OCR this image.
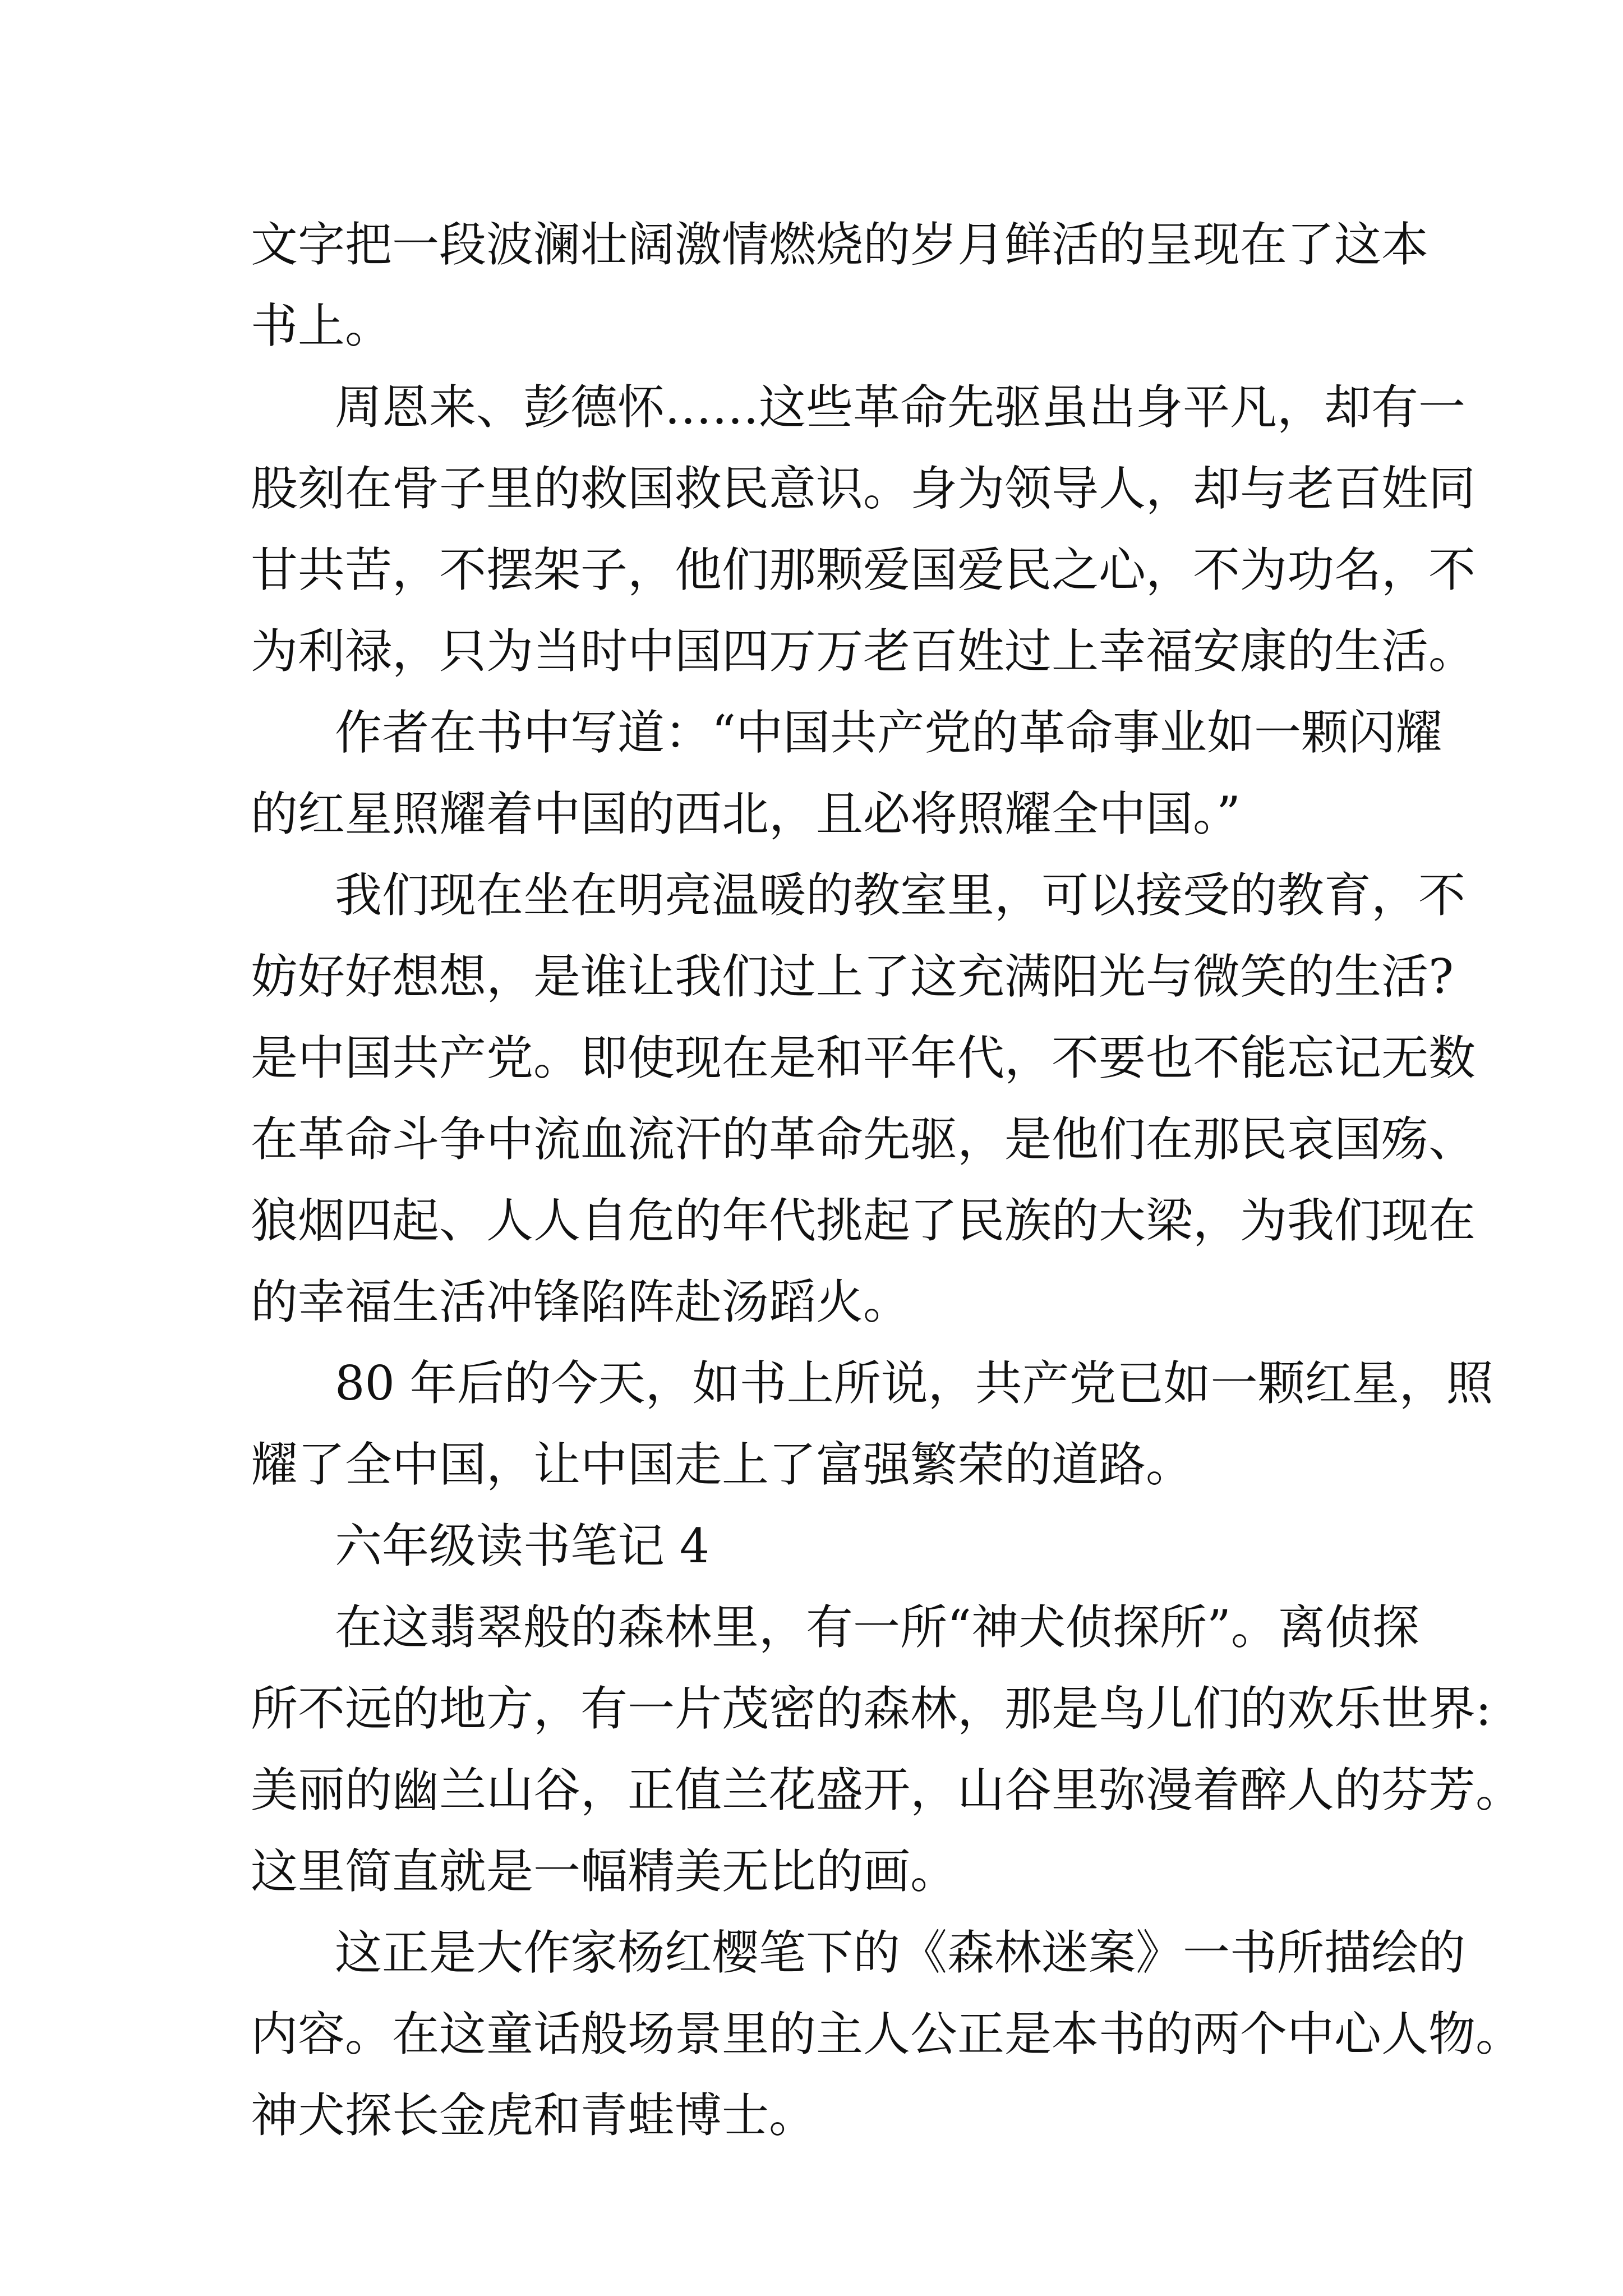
文字把一段波澜壮阔激情燃烧的岁月鲜活的呈现在了这本
书上。
周恩来、彭德怀……这些革命先驱虽出身平凡，却有一
股刻在骨子里的救国救民意识。身为领导人，却与老百姓同
甘共苦，不摆架子，他们那颗爱国爱民之心，不为功名，不
为利禄，只为当时中国四万万老百姓过上幸福安康的生活。
作者在书中写道：“中国共产党的革命事业如一颗闪耀
的红星照耀着中国的西北，且必将照耀全中国。”
我们现在坐在明亮温暖的教室里，可以接受的教育，不
妨好好想想，是谁让我们过上了这充满阳光与微笑的生活?
是中国共产党。即使现在是和平年代，不要也不能忘记无数
在革命斗争中流血流汗的革命先驱，是他们在那民哀国殇、
狼烟四起、人人自危的年代挑起了民族的大梁，为我们现在
的幸福生活冲锋陷阵赴汤蹈火。
80 年后的今天，如书上所说，共产党已如一颗红星，照
耀了全中国，让中国走上了富强繁荣的道路。
六年级读书笔记 4
在这翡翠般的森林里，有一所“神犬侦探所”。离侦探
所不远的地方，有一片茂密的森林，那是鸟儿们的欢乐世界:
美丽的幽兰山谷，正值兰花盛开，山谷里弥漫着醉人的芬芳。
这里简直就是一幅精美无比的画。
这正是大作家杨红樱笔下的《森林迷案》一书所描绘的
内容。在这童话般场景里的主人公正是本书的两个中心人物。
神犬探长金虎和青蛙博士。
